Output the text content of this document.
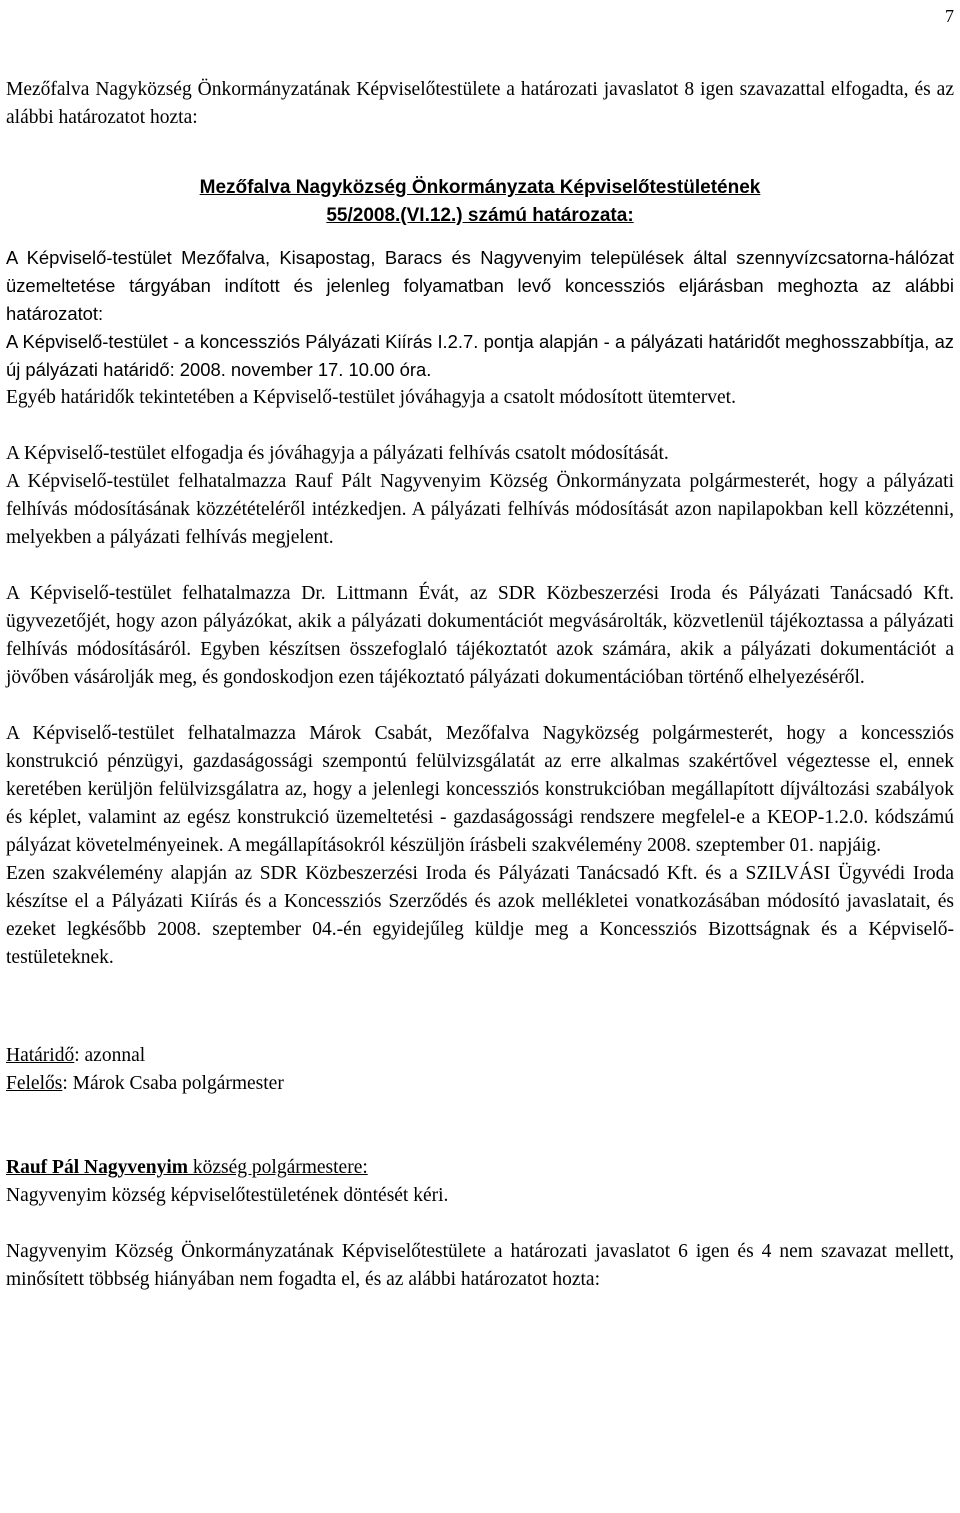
7

Mezőfalva Nagyközség Önkormányzatának Képviselőtestülete a határozati javaslatot 8 igen szavazattal elfogadta, és az alábbi határozatot hozta:

Mezőfalva Nagyközség Önkormányzata Képviselőtestületének
55/2008.(VI.12.) számú határozata:

A Képviselő-testület Mezőfalva, Kisapostag, Baracs és Nagyvenyim települések által szennyvízcsatorna-hálózat üzemeltetése tárgyában indított és jelenleg folyamatban levő koncessziós eljárásban meghozta az alábbi határozatot:

A Képviselő-testület - a koncessziós Pályázati Kiírás I.2.7. pontja alapján - a pályázati határidőt meghosszabbítja, az új pályázati határidő: 2008. november 17. 10.00 óra.

Egyéb határidők tekintetében a Képviselő-testület jóváhagyja a csatolt módosított ütemtervet.

A Képviselő-testület elfogadja és jóváhagyja a pályázati felhívás csatolt módosítását.

A Képviselő-testület felhatalmazza Rauf Pált Nagyvenyim Község Önkormányzata polgármesterét, hogy a pályázati felhívás módosításának közzétételéről intézkedjen. A pályázati felhívás módosítását azon napilapokban kell közzétenni, melyekben a pályázati felhívás megjelent.

A Képviselő-testület felhatalmazza Dr. Littmann Évát, az SDR Közbeszerzési Iroda és Pályázati Tanácsadó Kft. ügyvezetőjét, hogy azon pályázókat, akik a pályázati dokumentációt megvásárolták, közvetlenül tájékoztassa a pályázati felhívás módosításáról. Egyben készítsen összefoglaló tájékoztatót azok számára, akik a pályázati dokumentációt a jövőben vásárolják meg, és gondoskodjon ezen tájékoztató pályázati dokumentációban történő elhelyezéséről.

A Képviselő-testület felhatalmazza Márok Csabát, Mezőfalva Nagyközség polgármesterét, hogy a koncessziós konstrukció pénzügyi, gazdaságossági szempontú felülvizsgálatát az erre alkalmas szakértővel végeztesse el, ennek keretében kerüljön felülvizsgálatra az, hogy a jelenlegi koncessziós konstrukcióban megállapított díjváltozási szabályok és képlet, valamint az egész konstrukció üzemeltetési - gazdaságossági rendszere megfelel-e a KEOP-1.2.0. kódszámú pályázat követelményeinek. A megállapításokról készüljön írásbeli szakvélemény 2008. szeptember 01. napjáig.

Ezen szakvélemény alapján az SDR Közbeszerzési Iroda és Pályázati Tanácsadó Kft. és a SZILVÁSI Ügyvédi Iroda készítse el a Pályázati Kiírás és a Koncessziós Szerződés és azok mellékletei vonatkozásában módosító javaslatait, és ezeket legkésőbb 2008. szeptember 04.-én egyidejűleg küldje meg a Koncessziós Bizottságnak és a Képviselő-testületeknek.

Határidő: azonnal

Felelős: Márok Csaba polgármester

Rauf Pál Nagyvenyim község polgármestere:

Nagyvenyim község képviselőtestületének döntését kéri.

Nagyvenyim Község Önkormányzatának Képviselőtestülete a határozati javaslatot 6 igen és 4 nem szavazat mellett, minősített többség hiányában nem fogadta el, és az alábbi határozatot hozta:
